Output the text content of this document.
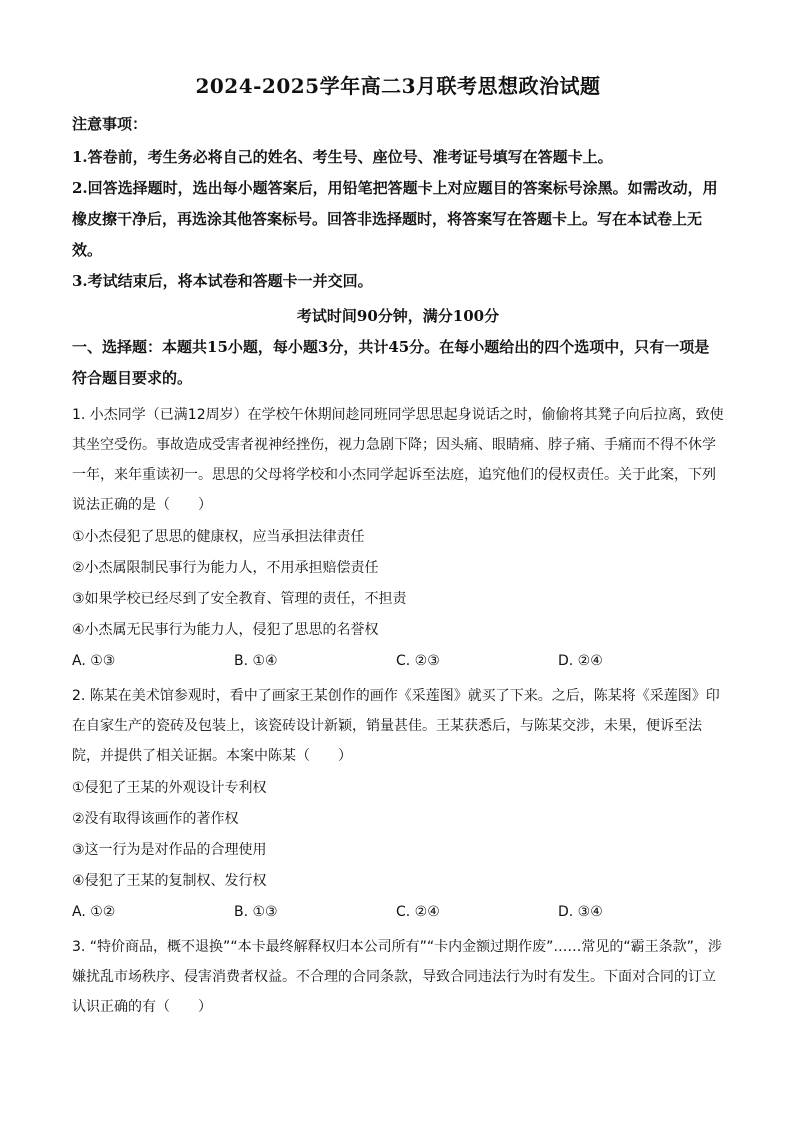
2024-2025学年高二3月联考思想政治试题
注意事项：

1.答卷前，考生务必将自己的姓名、考生号、座位号、准考证号填写在答题卡上。

2.回答选择题时，选出每小题答案后，用铅笔把答题卡上对应题目的答案标号涂黑。如需改动，用橡皮擦干净后，再选涂其他答案标号。回答非选择题时，将答案写在答题卡上。写在本试卷上无效。

3.考试结束后，将本试卷和答题卡一并交回。

考试时间90分钟，满分100分

一、选择题：本题共15小题，每小题3分，共计45分。在每小题给出的四个选项中，只有一项是符合题目要求的。

1. 小杰同学（已满12周岁）在学校午休期间趁同班同学思思起身说话之时，偷偷将其凳子向后拉离，致使其坐空受伤。事故造成受害者视神经挫伤，视力急剧下降；因头痛、眼睛痛、脖子痛、手痛而不得不休学一年，来年重读初一。思思的父母将学校和小杰同学起诉至法庭，追究他们的侵权责任。关于此案，下列说法正确的是（　　）

①小杰侵犯了思思的健康权，应当承担法律责任

②小杰属限制民事行为能力人，不用承担赔偿责任

③如果学校已经尽到了安全教育、管理的责任，不担责

④小杰属无民事行为能力人，侵犯了思思的名誉权

A. ①③	B. ①④	C. ②③	D. ②④

2. 陈某在美术馆参观时，看中了画家王某创作的画作《采莲图》就买了下来。之后，陈某将《采莲图》印在自家生产的瓷砖及包装上，该瓷砖设计新颖，销量甚佳。王某获悉后，与陈某交涉，未果，便诉至法院，并提供了相关证据。本案中陈某（　　）

①侵犯了王某的外观设计专利权

②没有取得该画作的著作权

③这一行为是对作品的合理使用

④侵犯了王某的复制权、发行权

A. ①②	B. ①③	C. ②④	D. ③④

3. “特价商品，概不退换”“本卡最终解释权归本公司所有”“卡内金额过期作废”……常见的“霸王条款”，涉嫌扰乱市场秩序、侵害消费者权益。不合理的合同条款，导致合同违法行为时有发生。下面对合同的订立认识正确的有（　　）
